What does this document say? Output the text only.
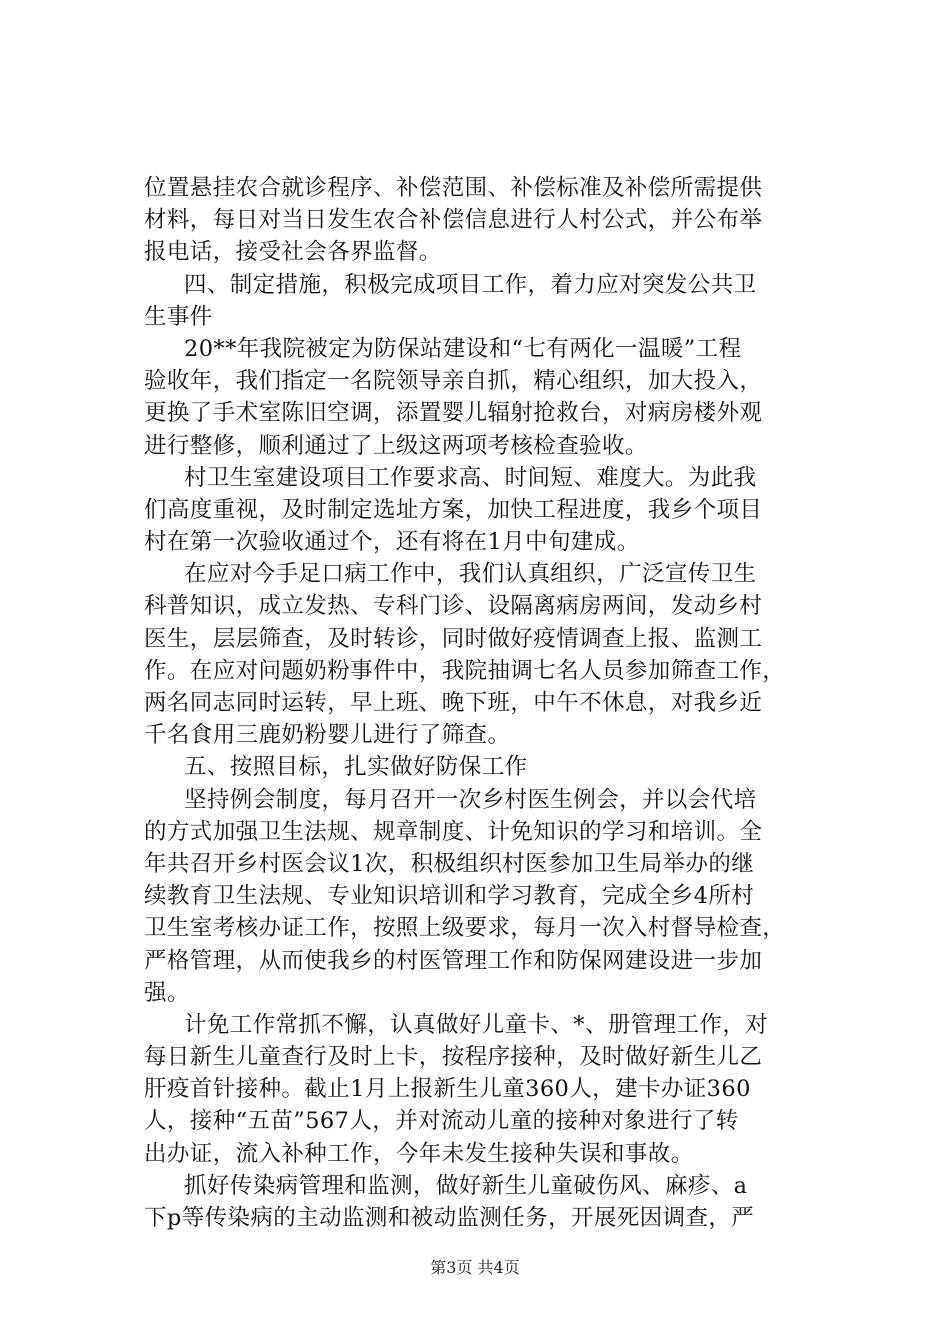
位置悬挂农合就诊程序、补偿范围、补偿标准及补偿所需提供
材料，每日对当日发生农合补偿信息进行人村公式，并公布举
报电话，接受社会各界监督。
四、制定措施，积极完成项目工作，着力应对突发公共卫
生事件
20**年我院被定为防保站建设和“七有两化一温暖”工程
验收年，我们指定一名院领导亲自抓，精心组织，加大投入，
更换了手术室陈旧空调，添置婴儿辐射抢救台，对病房楼外观
进行整修，顺利通过了上级这两项考核检查验收。
村卫生室建设项目工作要求高、时间短、难度大。为此我
们高度重视，及时制定选址方案，加快工程进度，我乡个项目
村在第一次验收通过个，还有将在1月中旬建成。
在应对今手足口病工作中，我们认真组织，广泛宣传卫生
科普知识，成立发热、专科门诊、设隔离病房两间，发动乡村
医生，层层筛查，及时转诊，同时做好疫情调查上报、监测工
作。在应对问题奶粉事件中，我院抽调七名人员参加筛查工作，
两名同志同时运转，早上班、晚下班，中午不休息，对我乡近
千名食用三鹿奶粉婴儿进行了筛查。
五、按照目标，扎实做好防保工作
坚持例会制度，每月召开一次乡村医生例会，并以会代培
的方式加强卫生法规、规章制度、计免知识的学习和培训。全
年共召开乡村医会议1次，积极组织村医参加卫生局举办的继
续教育卫生法规、专业知识培训和学习教育，完成全乡4所村
卫生室考核办证工作，按照上级要求，每月一次入村督导检查，
严格管理，从而使我乡的村医管理工作和防保网建设进一步加
强。
计免工作常抓不懈，认真做好儿童卡、*、册管理工作，对
每日新生儿童查行及时上卡，按程序接种，及时做好新生儿乙
肝疫首针接种。截止1月上报新生儿童360人，建卡办证360
人，接种“五苗”567人，并对流动儿童的接种对象进行了转
出办证，流入补种工作，今年未发生接种失误和事故。
抓好传染病管理和监测，做好新生儿童破伤风、麻疹、a
下p等传染病的主动监测和被动监测任务，开展死因调查，严
第3页 共4页
